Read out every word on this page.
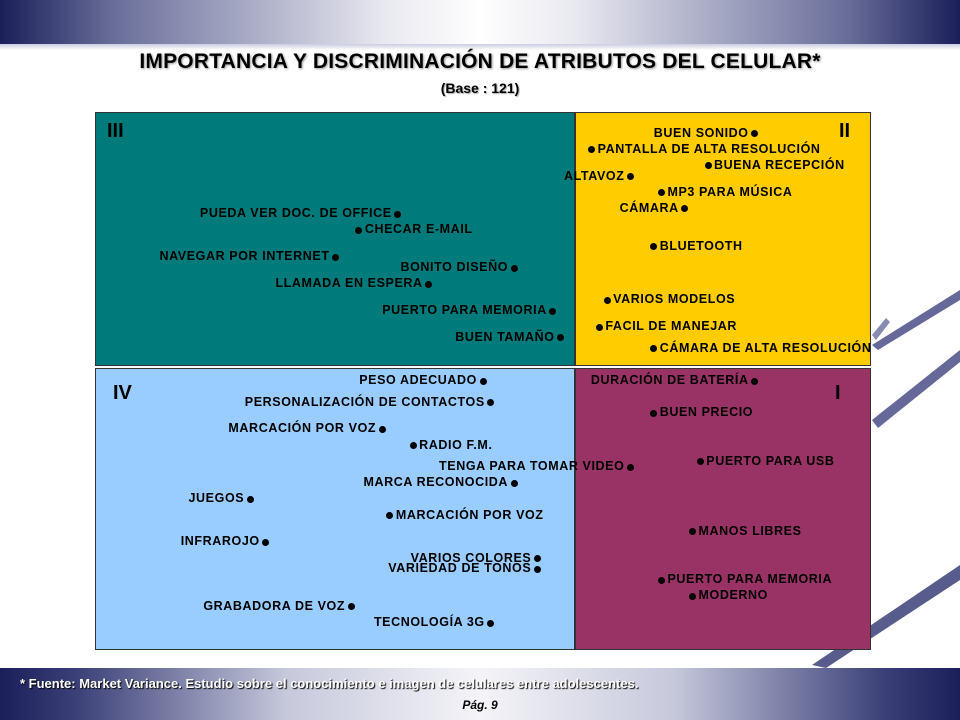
IMPORTANCIA Y DISCRIMINACIÓN DE ATRIBUTOS DEL CELULAR*
(Base : 121)
III	II
IV	I
BUEN SONIDO
PANTALLA DE ALTA RESOLUCIÓN
BUENA RECEPCIÓN
ALTAVOZ
MP3 PARA MÚSICA
CÁMARA
BLUETOOTH
VARIOS MODELOS
FACIL DE MANEJAR
CÁMARA DE ALTA RESOLUCIÓN
PUEDA VER DOC. DE OFFICE
CHECAR E-MAIL
NAVEGAR POR INTERNET
BONITO DISEÑO
LLAMADA EN ESPERA
PUERTO PARA MEMORIA
BUEN TAMAÑO
PESO ADECUADO
PERSONALIZACIÓN DE CONTACTOS
MARCACIÓN POR VOZ
RADIO F.M.
TENGA PARA TOMAR VIDEO
MARCA RECONOCIDA
JUEGOS
MARCACIÓN POR VOZ
INFRAROJO
VARIOS COLORES
VARIEDAD DE TONOS
GRABADORA DE VOZ
TECNOLOGÍA 3G
DURACIÓN DE BATERÍA
BUEN PRECIO
PUERTO PARA USB
MANOS LIBRES
PUERTO PARA MEMORIA
MODERNO
* Fuente: Market Variance. Estudio sobre el conocimiento e imagen de celulares entre adolescentes.
Pág. 9
